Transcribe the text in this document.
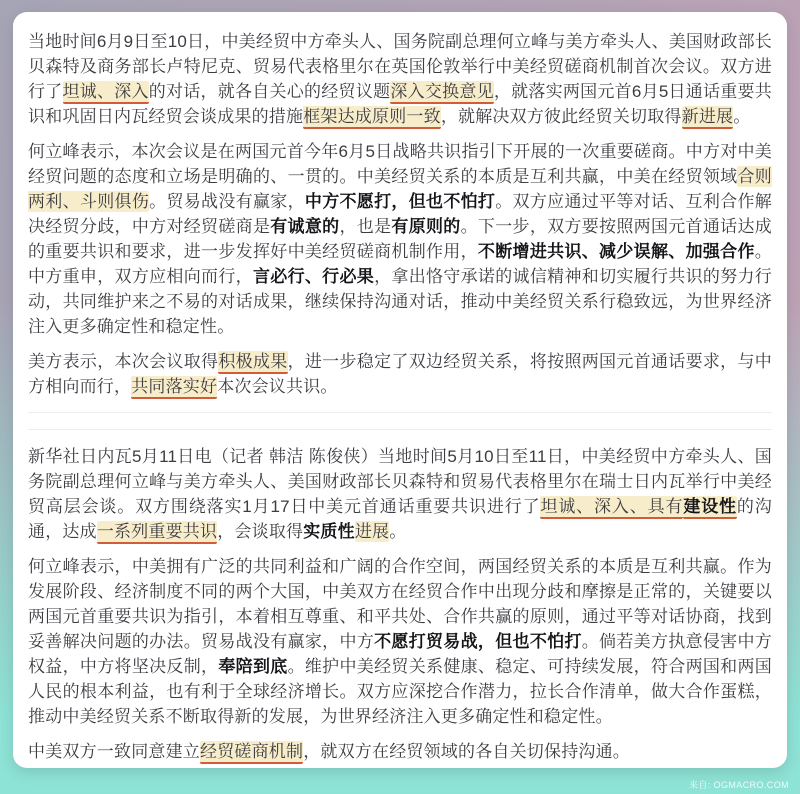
当地时间6月9日至10日，中美经贸中方牵头人、国务院副总理何立峰与美方牵头人、美国财政部长贝森特及商务部长卢特尼克、贸易代表格里尔在英国伦敦举行中美经贸磋商机制首次会议。双方进行了坦诚、深入的对话，就各自关心的经贸议题深入交换意见，就落实两国元首6月5日通话重要共识和巩固日内瓦经贸会谈成果的措施框架达成原则一致，就解决双方彼此经贸关切取得新进展。

何立峰表示，本次会议是在两国元首今年6月5日战略共识指引下开展的一次重要磋商。中方对中美经贸问题的态度和立场是明确的、一贯的。中美经贸关系的本质是互利共赢，中美在经贸领域合则两利、斗则俱伤。贸易战没有赢家，中方不愿打，但也不怕打。双方应通过平等对话、互利合作解决经贸分歧，中方对经贸磋商是有诚意的，也是有原则的。下一步，双方要按照两国元首通话达成的重要共识和要求，进一步发挥好中美经贸磋商机制作用，不断增进共识、减少误解、加强合作。中方重申，双方应相向而行，言必行、行必果，拿出恪守承诺的诚信精神和切实履行共识的努力行动，共同维护来之不易的对话成果，继续保持沟通对话，推动中美经贸关系行稳致远，为世界经济注入更多确定性和稳定性。

美方表示，本次会议取得积极成果，进一步稳定了双边经贸关系，将按照两国元首通话要求，与中方相向而行，共同落实好本次会议共识。

新华社日内瓦5月11日电（记者 韩洁 陈俊侠）当地时间5月10日至11日，中美经贸中方牵头人、国务院副总理何立峰与美方牵头人、美国财政部长贝森特和贸易代表格里尔在瑞士日内瓦举行中美经贸高层会谈。双方围绕落实1月17日中美元首通话重要共识进行了坦诚、深入、具有建设性的沟通，达成一系列重要共识，会谈取得实质性进展。

何立峰表示，中美拥有广泛的共同利益和广阔的合作空间，两国经贸关系的本质是互利共赢。作为发展阶段、经济制度不同的两个大国，中美双方在经贸合作中出现分歧和摩擦是正常的，关键要以两国元首重要共识为指引，本着相互尊重、和平共处、合作共赢的原则，通过平等对话协商，找到妥善解决问题的办法。贸易战没有赢家，中方不愿打贸易战，但也不怕打。倘若美方执意侵害中方权益，中方将坚决反制，奉陪到底。维护中美经贸关系健康、稳定、可持续发展，符合两国和两国人民的根本利益，也有利于全球经济增长。双方应深挖合作潜力，拉长合作清单，做大合作蛋糕，推动中美经贸关系不断取得新的发展，为世界经济注入更多确定性和稳定性。

中美双方一致同意建立经贸磋商机制，就双方在经贸领域的各自关切保持沟通。

来自: OGMACRO.COM
